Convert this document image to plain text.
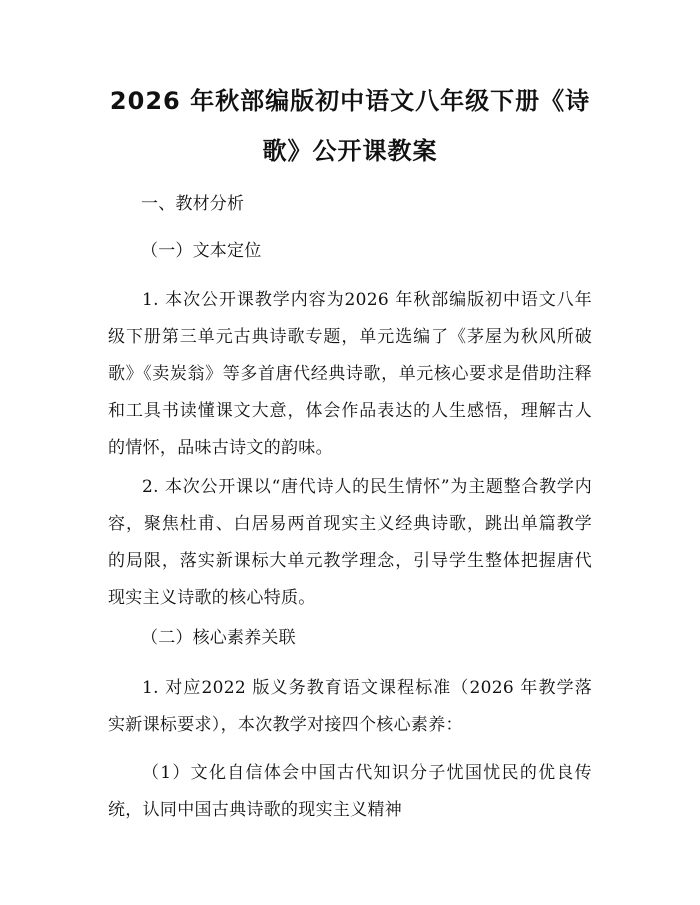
2026 年秋部编版初中语文八年级下册《诗
歌》公开课教案
一、教材分析
（一）文本定位
1. 本次公开课教学内容为2026 年秋部编版初中语文八年级下册第三单元古典诗歌专题，单元选编了《茅屋为秋风所破歌》《卖炭翁》等多首唐代经典诗歌，单元核心要求是借助注释和工具书读懂课文大意，体会作品表达的人生感悟，理解古人的情怀，品味古诗文的韵味。
2. 本次公开课以“唐代诗人的民生情怀”为主题整合教学内容，聚焦杜甫、白居易两首现实主义经典诗歌，跳出单篇教学的局限，落实新课标大单元教学理念，引导学生整体把握唐代现实主义诗歌的核心特质。
（二）核心素养关联
1. 对应2022 版义务教育语文课程标准（2026 年教学落实新课标要求），本次教学对接四个核心素养：
（1）文化自信体会中国古代知识分子忧国忧民的优良传统，认同中国古典诗歌的现实主义精神
